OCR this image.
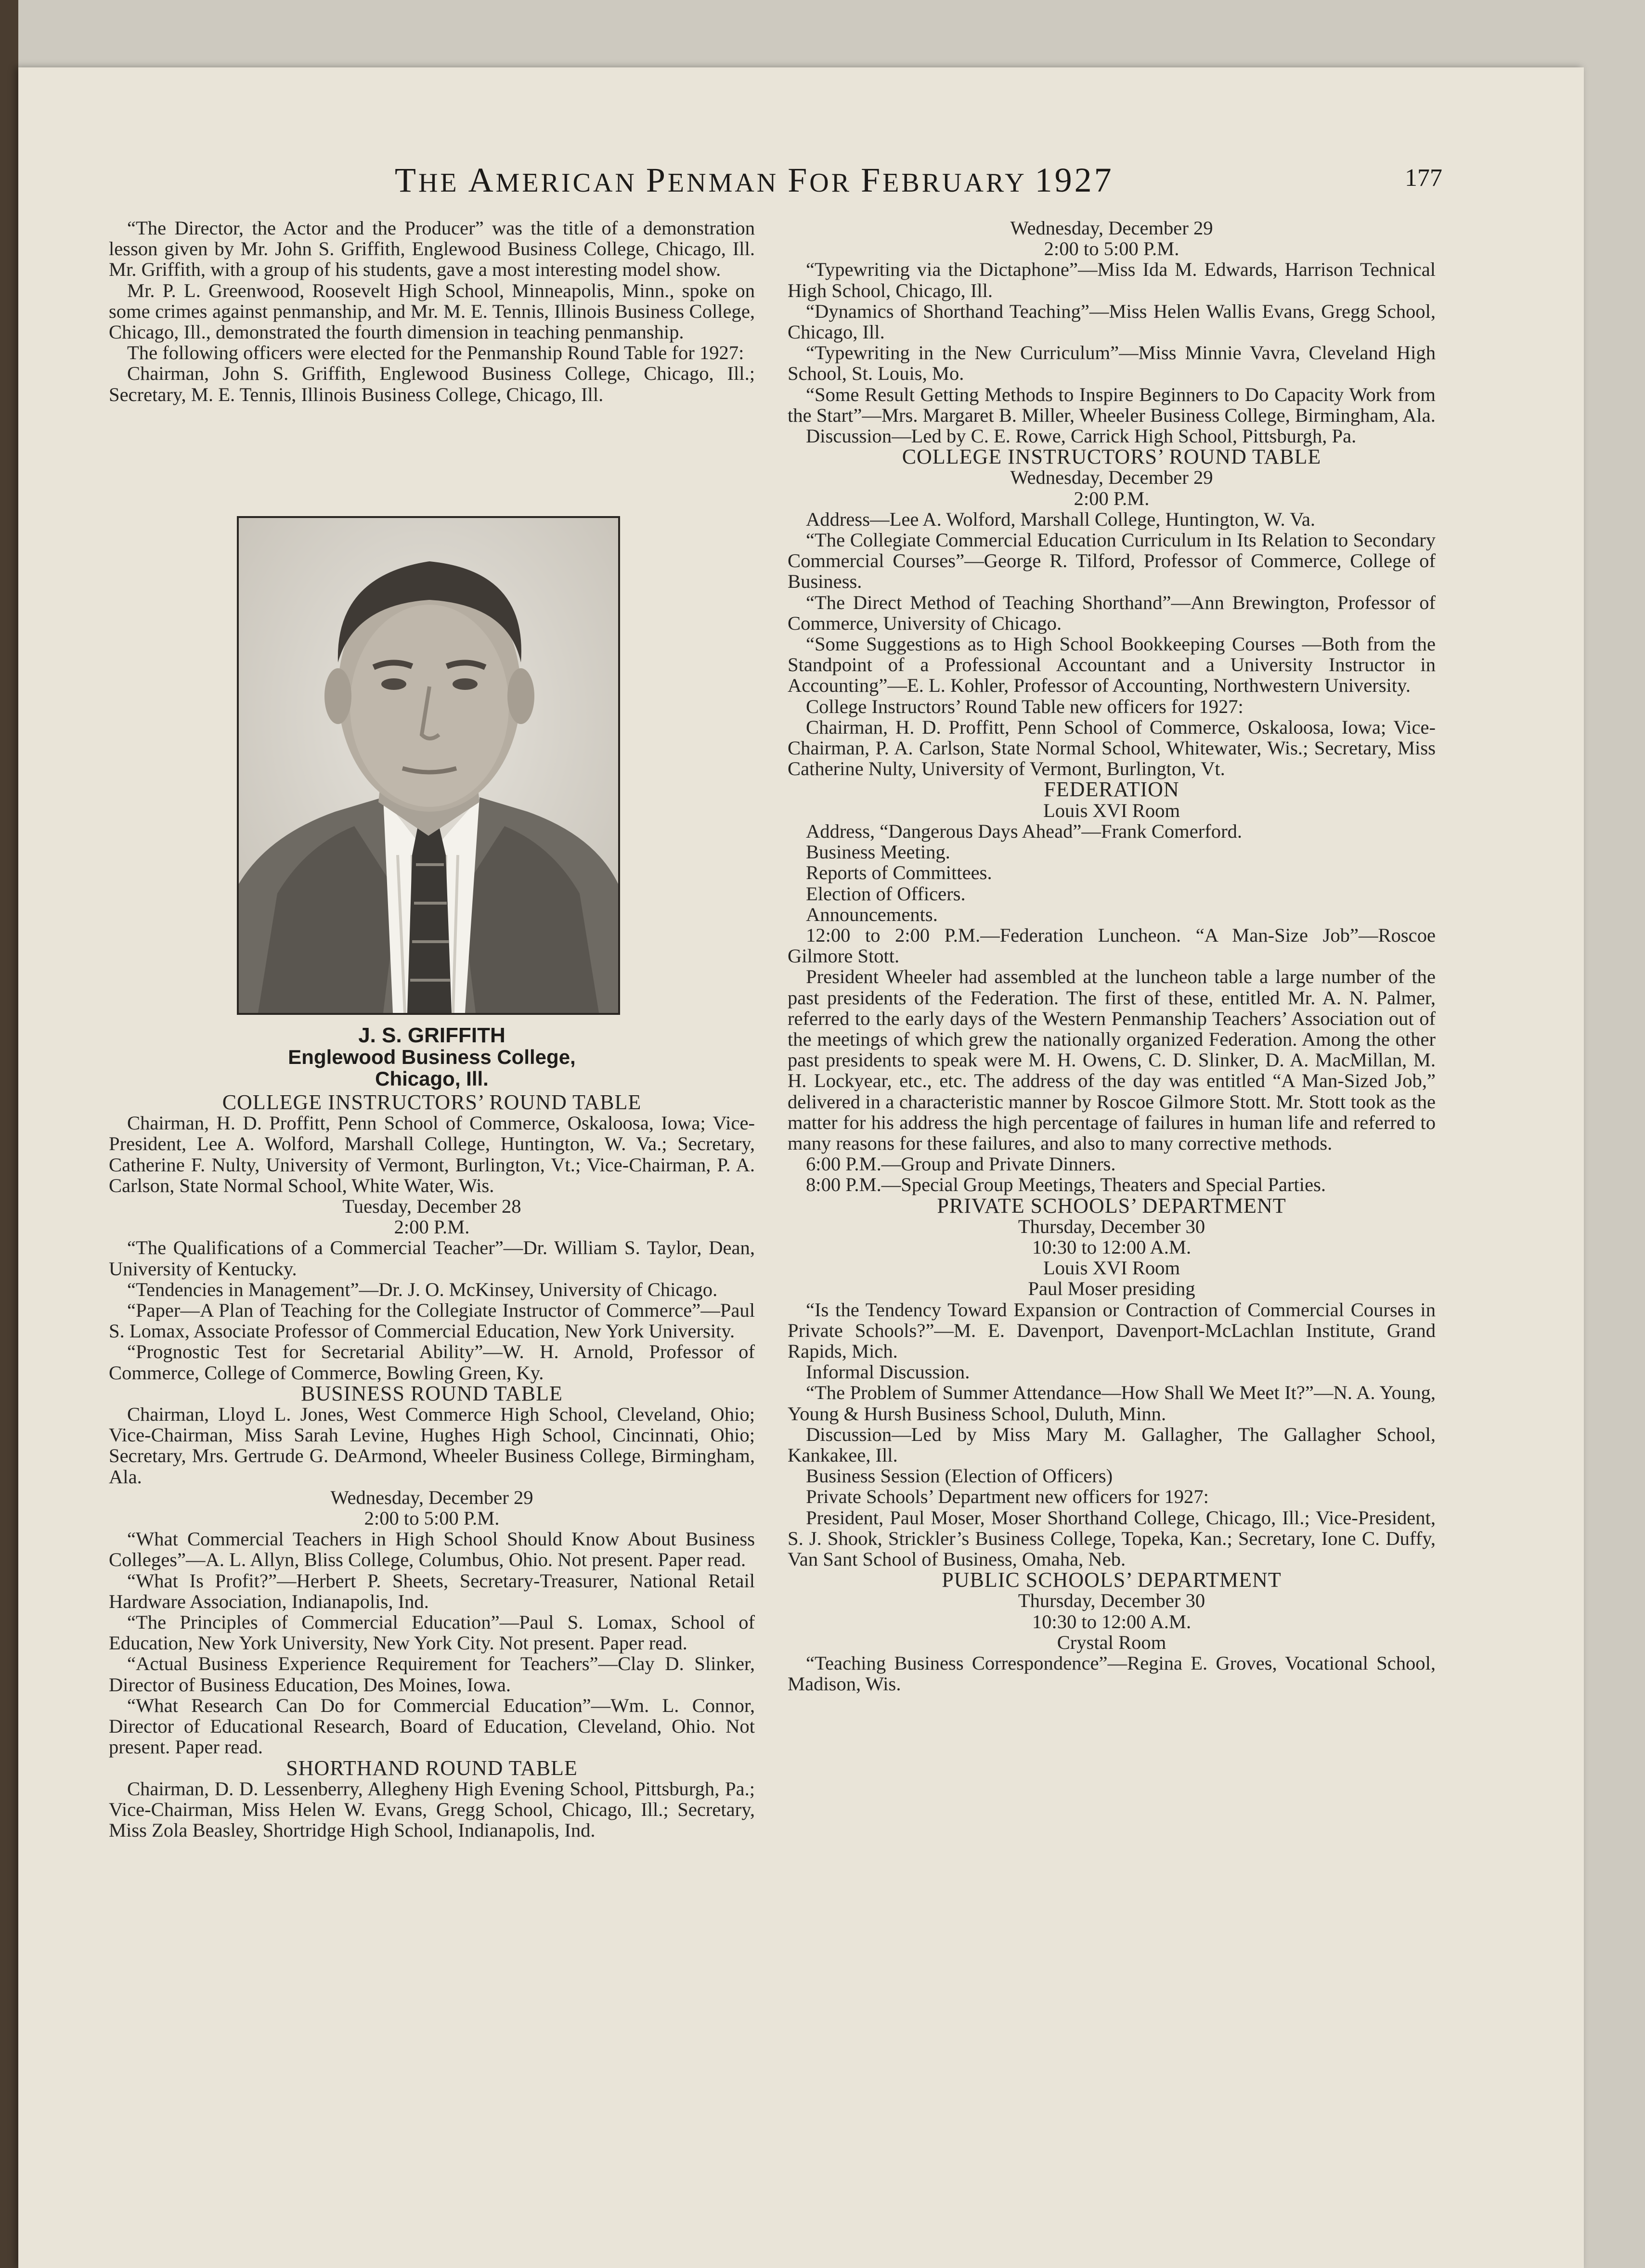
THE AMERICAN PENMAN FOR FEBRUARY 1927	177

“The Director, the Actor and the Producer” was the title of a demonstration lesson given by Mr. John S. Griffith, Englewood Business College, Chicago, Ill. Mr. Griffith, with a group of his students, gave a most interesting model show.

Mr. P. L. Greenwood, Roosevelt High School, Minneapolis, Minn., spoke on some crimes against penmanship, and Mr. M. E. Tennis, Illinois Business College, Chicago, Ill., demonstrated the fourth dimension in teaching penmanship.

The following officers were elected for the Penmanship Round Table for 1927:

Chairman, John S. Griffith, Englewood Business College, Chicago, Ill.; Secretary, M. E. Tennis, Illinois Business College, Chicago, Ill.

J. S. GRIFFITH
Englewood Business College,
Chicago, Ill.

COLLEGE INSTRUCTORS’ ROUND TABLE

Chairman, H. D. Proffitt, Penn School of Commerce, Oskaloosa, Iowa; Vice-President, Lee A. Wolford, Marshall College, Huntington, W. Va.; Secretary, Catherine F. Nulty, University of Vermont, Burlington, Vt.; Vice-Chairman, P. A. Carlson, State Normal School, White Water, Wis.

Tuesday, December 28

2:00 P.M.

“The Qualifications of a Commercial Teacher”—Dr. William S. Taylor, Dean, University of Kentucky.

“Tendencies in Management”—Dr. J. O. McKinsey, University of Chicago.

“Paper—A Plan of Teaching for the Collegiate Instructor of Commerce”—Paul S. Lomax, Associate Professor of Commercial Education, New York University.

“Prognostic Test for Secretarial Ability”—W. H. Arnold, Professor of Commerce, College of Commerce, Bowling Green, Ky.

BUSINESS ROUND TABLE

Chairman, Lloyd L. Jones, West Commerce High School, Cleveland, Ohio; Vice-Chairman, Miss Sarah Levine, Hughes High School, Cincinnati, Ohio; Secretary, Mrs. Gertrude G. DeArmond, Wheeler Business College, Birmingham, Ala.

Wednesday, December 29

2:00 to 5:00 P.M.

“What Commercial Teachers in High School Should Know About Business Colleges”—A. L. Allyn, Bliss College, Columbus, Ohio. Not present. Paper read.

“What Is Profit?”—Herbert P. Sheets, Secretary-Treasurer, National Retail Hardware Association, Indianapolis, Ind.

“The Principles of Commercial Education”—Paul S. Lomax, School of Education, New York University, New York City. Not present. Paper read.

“Actual Business Experience Requirement for Teachers”—Clay D. Slinker, Director of Business Education, Des Moines, Iowa.

“What Research Can Do for Commercial Education”—Wm. L. Connor, Director of Educational Research, Board of Education, Cleveland, Ohio. Not present. Paper read.

SHORTHAND ROUND TABLE

Chairman, D. D. Lessenberry, Allegheny High Evening School, Pittsburgh, Pa.; Vice-Chairman, Miss Helen W. Evans, Gregg School, Chicago, Ill.; Secretary, Miss Zola Beasley, Shortridge High School, Indianapolis, Ind.

Wednesday, December 29

2:00 to 5:00 P.M.

“Typewriting via the Dictaphone”—Miss Ida M. Edwards, Harrison Technical High School, Chicago, Ill.

“Dynamics of Shorthand Teaching”—Miss Helen Wallis Evans, Gregg School, Chicago, Ill.

“Typewriting in the New Curriculum”—Miss Minnie Vavra, Cleveland High School, St. Louis, Mo.

“Some Result Getting Methods to Inspire Beginners to Do Capacity Work from the Start”—Mrs. Margaret B. Miller, Wheeler Business College, Birmingham, Ala.

Discussion—Led by C. E. Rowe, Carrick High School, Pittsburgh, Pa.

COLLEGE INSTRUCTORS’ ROUND TABLE

Wednesday, December 29

2:00 P.M.

Address—Lee A. Wolford, Marshall College, Huntington, W. Va.

“The Collegiate Commercial Education Curriculum in Its Relation to Secondary Commercial Courses”—George R. Tilford, Professor of Commerce, College of Business.

“The Direct Method of Teaching Shorthand”—Ann Brewington, Professor of Commerce, University of Chicago.

“Some Suggestions as to High School Bookkeeping Courses —Both from the Standpoint of a Professional Accountant and a University Instructor in Accounting”—E. L. Kohler, Professor of Accounting, Northwestern University.

College Instructors’ Round Table new officers for 1927:

Chairman, H. D. Proffitt, Penn School of Commerce, Oskaloosa, Iowa; Vice-Chairman, P. A. Carlson, State Normal School, Whitewater, Wis.; Secretary, Miss Catherine Nulty, University of Vermont, Burlington, Vt.

FEDERATION

Louis XVI Room

Address, “Dangerous Days Ahead”—Frank Comerford.

Business Meeting.

Reports of Committees.

Election of Officers.

Announcements.

12:00 to 2:00 P.M.—Federation Luncheon. “A Man-Size Job”—Roscoe Gilmore Stott.

President Wheeler had assembled at the luncheon table a large number of the past presidents of the Federation. The first of these, entitled Mr. A. N. Palmer, referred to the early days of the Western Penmanship Teachers’ Association out of the meetings of which grew the nationally organized Federation. Among the other past presidents to speak were M. H. Owens, C. D. Slinker, D. A. MacMillan, M. H. Lockyear, etc., etc. The address of the day was entitled “A Man-Sized Job,” delivered in a characteristic manner by Roscoe Gilmore Stott. Mr. Stott took as the matter for his address the high percentage of failures in human life and referred to many reasons for these failures, and also to many corrective methods.

6:00 P.M.—Group and Private Dinners.

8:00 P.M.—Special Group Meetings, Theaters and Special Parties.

PRIVATE SCHOOLS’ DEPARTMENT

Thursday, December 30

10:30 to 12:00 A.M.

Louis XVI Room

Paul Moser presiding

“Is the Tendency Toward Expansion or Contraction of Commercial Courses in Private Schools?”—M. E. Davenport, Davenport-McLachlan Institute, Grand Rapids, Mich.

Informal Discussion.

“The Problem of Summer Attendance—How Shall We Meet It?”—N. A. Young, Young & Hursh Business School, Duluth, Minn.

Discussion—Led by Miss Mary M. Gallagher, The Gallagher School, Kankakee, Ill.

Business Session (Election of Officers)

Private Schools’ Department new officers for 1927:

President, Paul Moser, Moser Shorthand College, Chicago, Ill.; Vice-President, S. J. Shook, Strickler’s Business College, Topeka, Kan.; Secretary, Ione C. Duffy, Van Sant School of Business, Omaha, Neb.

PUBLIC SCHOOLS’ DEPARTMENT

Thursday, December 30

10:30 to 12:00 A.M.

Crystal Room

“Teaching Business Correspondence”—Regina E. Groves, Vocational School, Madison, Wis.
